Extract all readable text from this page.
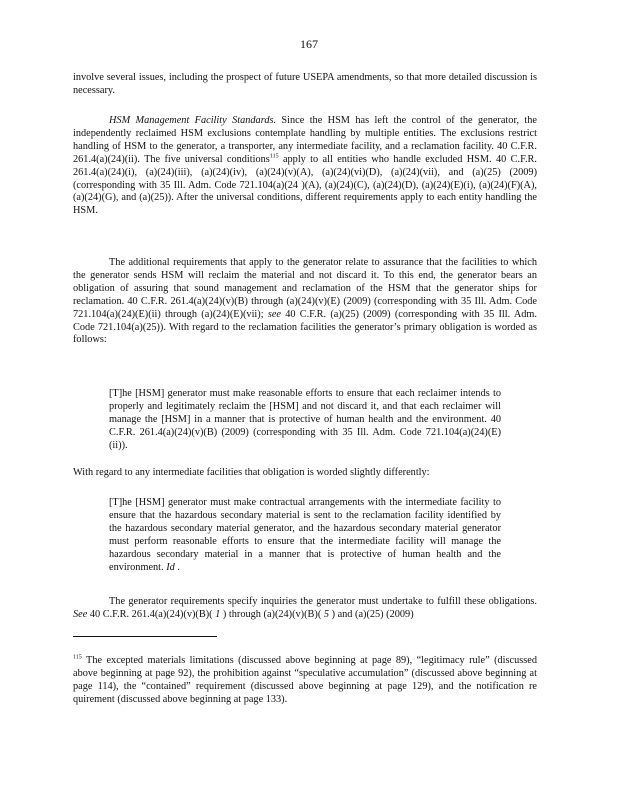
167

involve several issues, including the prospect of future USEPA amendments, so that more detailed discussion is necessary.

HSM Management Facility Standards. Since the HSM has left the control of the generator, the independently reclaimed HSM exclusions contemplate handling by multiple entities. The exclusions restrict handling of HSM to the generator, a transporter, any intermediate facility, and a reclamation facility. 40 C.F.R. 261.4(a)(24)(ii). The five universal conditions$^{115}$ apply to all entities who handle excluded HSM. 40 C.F.R. 261.4(a)(24)(i), (a)(24)(iii), (a)(24)(iv), (a)(24)(v)(A), (a)(24)(vi)(D), (a)(24)(vii), and (a)(25) (2009) (corresponding with 35 Ill. Adm. Code 721.104(a)(24 )(A), (a)(24)(C), (a)(24)(D), (a)(24)(E)(i), (a)(24)(F)(A), (a)(24)(G), and (a)(25)). After the universal conditions, different requirements apply to each entity handling the HSM.

The additional requirements that apply to the generator relate to assurance that the facilities to which the generator sends HSM will reclaim the material and not discard it. To this end, the generator bears an obligation of assuring that sound management and reclamation of the HSM that the generator ships for reclamation. 40 C.F.R. 261.4(a)(24)(v)(B) through (a)(24)(v)(E) (2009) (corresponding with 35 Ill. Adm. Code 721.104(a)(24)(E)(ii) through (a)(24)(E)(vii); see 40 C.F.R. (a)(25) (2009) (corresponding with 35 Ill. Adm. Code 721.104(a)(25)). With regard to the reclamation facilities the generator’s primary obligation is worded as follows:

[T]he [HSM] generator must make reasonable efforts to ensure that each reclaimer intends to properly and legitimately reclaim the [HSM] and not discard it, and that each reclaimer will manage the [HSM] in a manner that is protective of human health and the environment. 40 C.F.R. 261.4(a)(24)(v)(B) (2009) (corresponding with 35 Ill. Adm. Code 721.104(a)(24)(E)(ii)).

With regard to any intermediate facilities that obligation is worded slightly differently:

[T]he [HSM] generator must make contractual arrangements with the intermediate facility to ensure that the hazardous secondary material is sent to the reclamation facility identified by the hazardous secondary material generator, and the hazardous secondary material generator must perform reasonable efforts to ensure that the intermediate facility will manage the hazardous secondary material in a manner that is protective of human health and the environment. Id .

The generator requirements specify inquiries the generator must undertake to fulfill these obligations. See 40 C.F.R. 261.4(a)(24)(v)(B)( 1 ) through (a)(24)(v)(B)( 5 ) and (a)(25) (2009)

$^{115}$ The excepted materials limitations (discussed above beginning at page 89), “legitimacy rule” (discussed above beginning at page 92), the prohibition against “speculative accumulation” (discussed above beginning at page 114), the “contained” requirement (discussed above beginning at page 129), and the notification re quirement (discussed above beginning at page 133).
